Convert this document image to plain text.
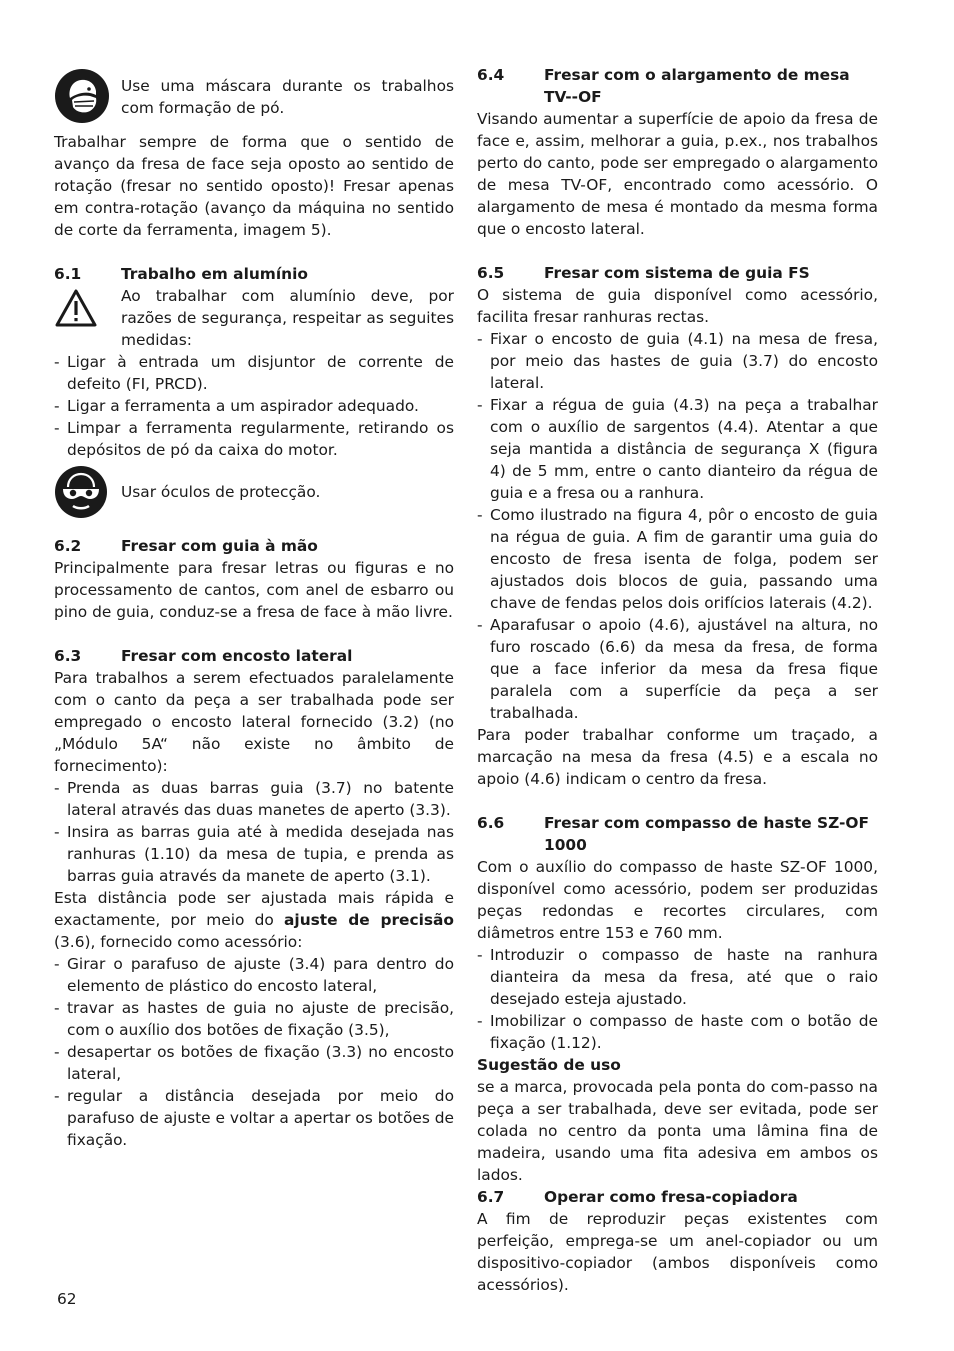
Use uma máscara durante os trabalhos com formação de pó.

Trabalhar sempre de forma que o sentido de avanço da fresa de face seja oposto ao sentido de rotação (fresar no sentido oposto)! Fresar apenas em contra-rotação (avanço da máquina no sentido de corte da ferramenta, imagem 5).

6.1	Trabalho em alumínio

Ao trabalhar com alumínio deve, por razões de segurança, respeitar as seguites medidas:

- Ligar à entrada um disjuntor de corrente de defeito (FI, PRCD).
- Ligar a ferramenta a um aspirador adequado.
- Limpar a ferramenta regularmente, retirando os depósitos de pó da caixa do motor.

Usar óculos de protecção.

6.2	Fresar com guia à mão

Principalmente para fresar letras ou figuras e no processamento de cantos, com anel de esbarro ou pino de guia, conduz-se a fresa de face à mão livre.

6.3	Fresar com encosto lateral

Para trabalhos a serem efectuados paralelamente com o canto da peça a ser trabalhada pode ser empregado o encosto lateral fornecido (3.2) (no „Módulo 5A“ não existe no âmbito de fornecimento):

- Prenda as duas barras guia (3.7) no batente lateral através das duas manetes de aperto (3.3).
- Insira as barras guia até à medida desejada nas ranhuras (1.10) da mesa de tupia, e prenda as barras guia através da manete de aperto (3.1).

Esta distância pode ser ajustada mais rápida e exactamente, por meio do ajuste de precisão (3.6), fornecido como acessório:

- Girar o parafuso de ajuste (3.4) para dentro do elemento de plástico do encosto lateral,
- travar as hastes de guia no ajuste de precisão, com o auxílio dos botões de fixação (3.5),
- desapertar os botões de fixação (3.3) no encosto lateral,
- regular a distância desejada por meio do parafuso de ajuste e voltar a apertar os botões de fixação.
6.4	Fresar com o alargamento de mesa TV--OF

Visando aumentar a superfície de apoio da fresa de face e, assim, melhorar a guia, p.ex., nos trabalhos perto do canto, pode ser empregado o alargamento de mesa TV-OF, encontrado como acessório. O alargamento de mesa é montado da mesma forma que o encosto lateral.

6.5	Fresar com sistema de guia FS

O sistema de guia disponível como acessório, facilita fresar ranhuras rectas.

- Fixar o encosto de guia (4.1) na mesa de fresa, por meio das hastes de guia (3.7) do encosto lateral.
- Fixar a régua de guia (4.3) na peça a trabalhar com o auxílio de sargentos (4.4). Atentar a que seja mantida a distância de segurança X (figura 4) de 5 mm, entre o canto dianteiro da régua de guia e a fresa ou a ranhura.
- Como ilustrado na figura 4, pôr o encosto de guia na régua de guia. A fim de garantir uma guia do encosto de fresa isenta de folga, podem ser ajustados dois blocos de guia, passando uma chave de fendas pelos dois orifícios laterais (4.2).
- Aparafusar o apoio (4.6), ajustável na altura, no furo roscado (6.6) da mesa da fresa, de forma que a face inferior da mesa da fresa fique paralela com a superfície da peça a ser trabalhada.

Para poder trabalhar conforme um traçado, a marcação na mesa da fresa (4.5) e a escala no apoio (4.6) indicam o centro da fresa.

6.6	Fresar com compasso de haste SZ-OF 1000

Com o auxílio do compasso de haste SZ-OF 1000, disponível como acessório, podem ser produzidas peças redondas e recortes circulares, com diâmetros entre 153 e 760 mm.

- Introduzir o compasso de haste na ranhura dianteira da mesa da fresa, até que o raio desejado esteja ajustado.
- Imobilizar o compasso de haste com o botão de fixação (1.12).

Sugestão de uso

se a marca, provocada pela ponta do com-passo na peça a ser trabalhada, deve ser evitada, pode ser colada no centro da ponta uma lâmina fina de madeira, usando uma fita adesiva em ambos os lados.

6.7	Operar como fresa-copiadora

A fim de reproduzir peças existentes com perfeição, emprega-se um anel-copiador ou um dispositivo-copiador (ambos disponíveis como acessórios).

62
